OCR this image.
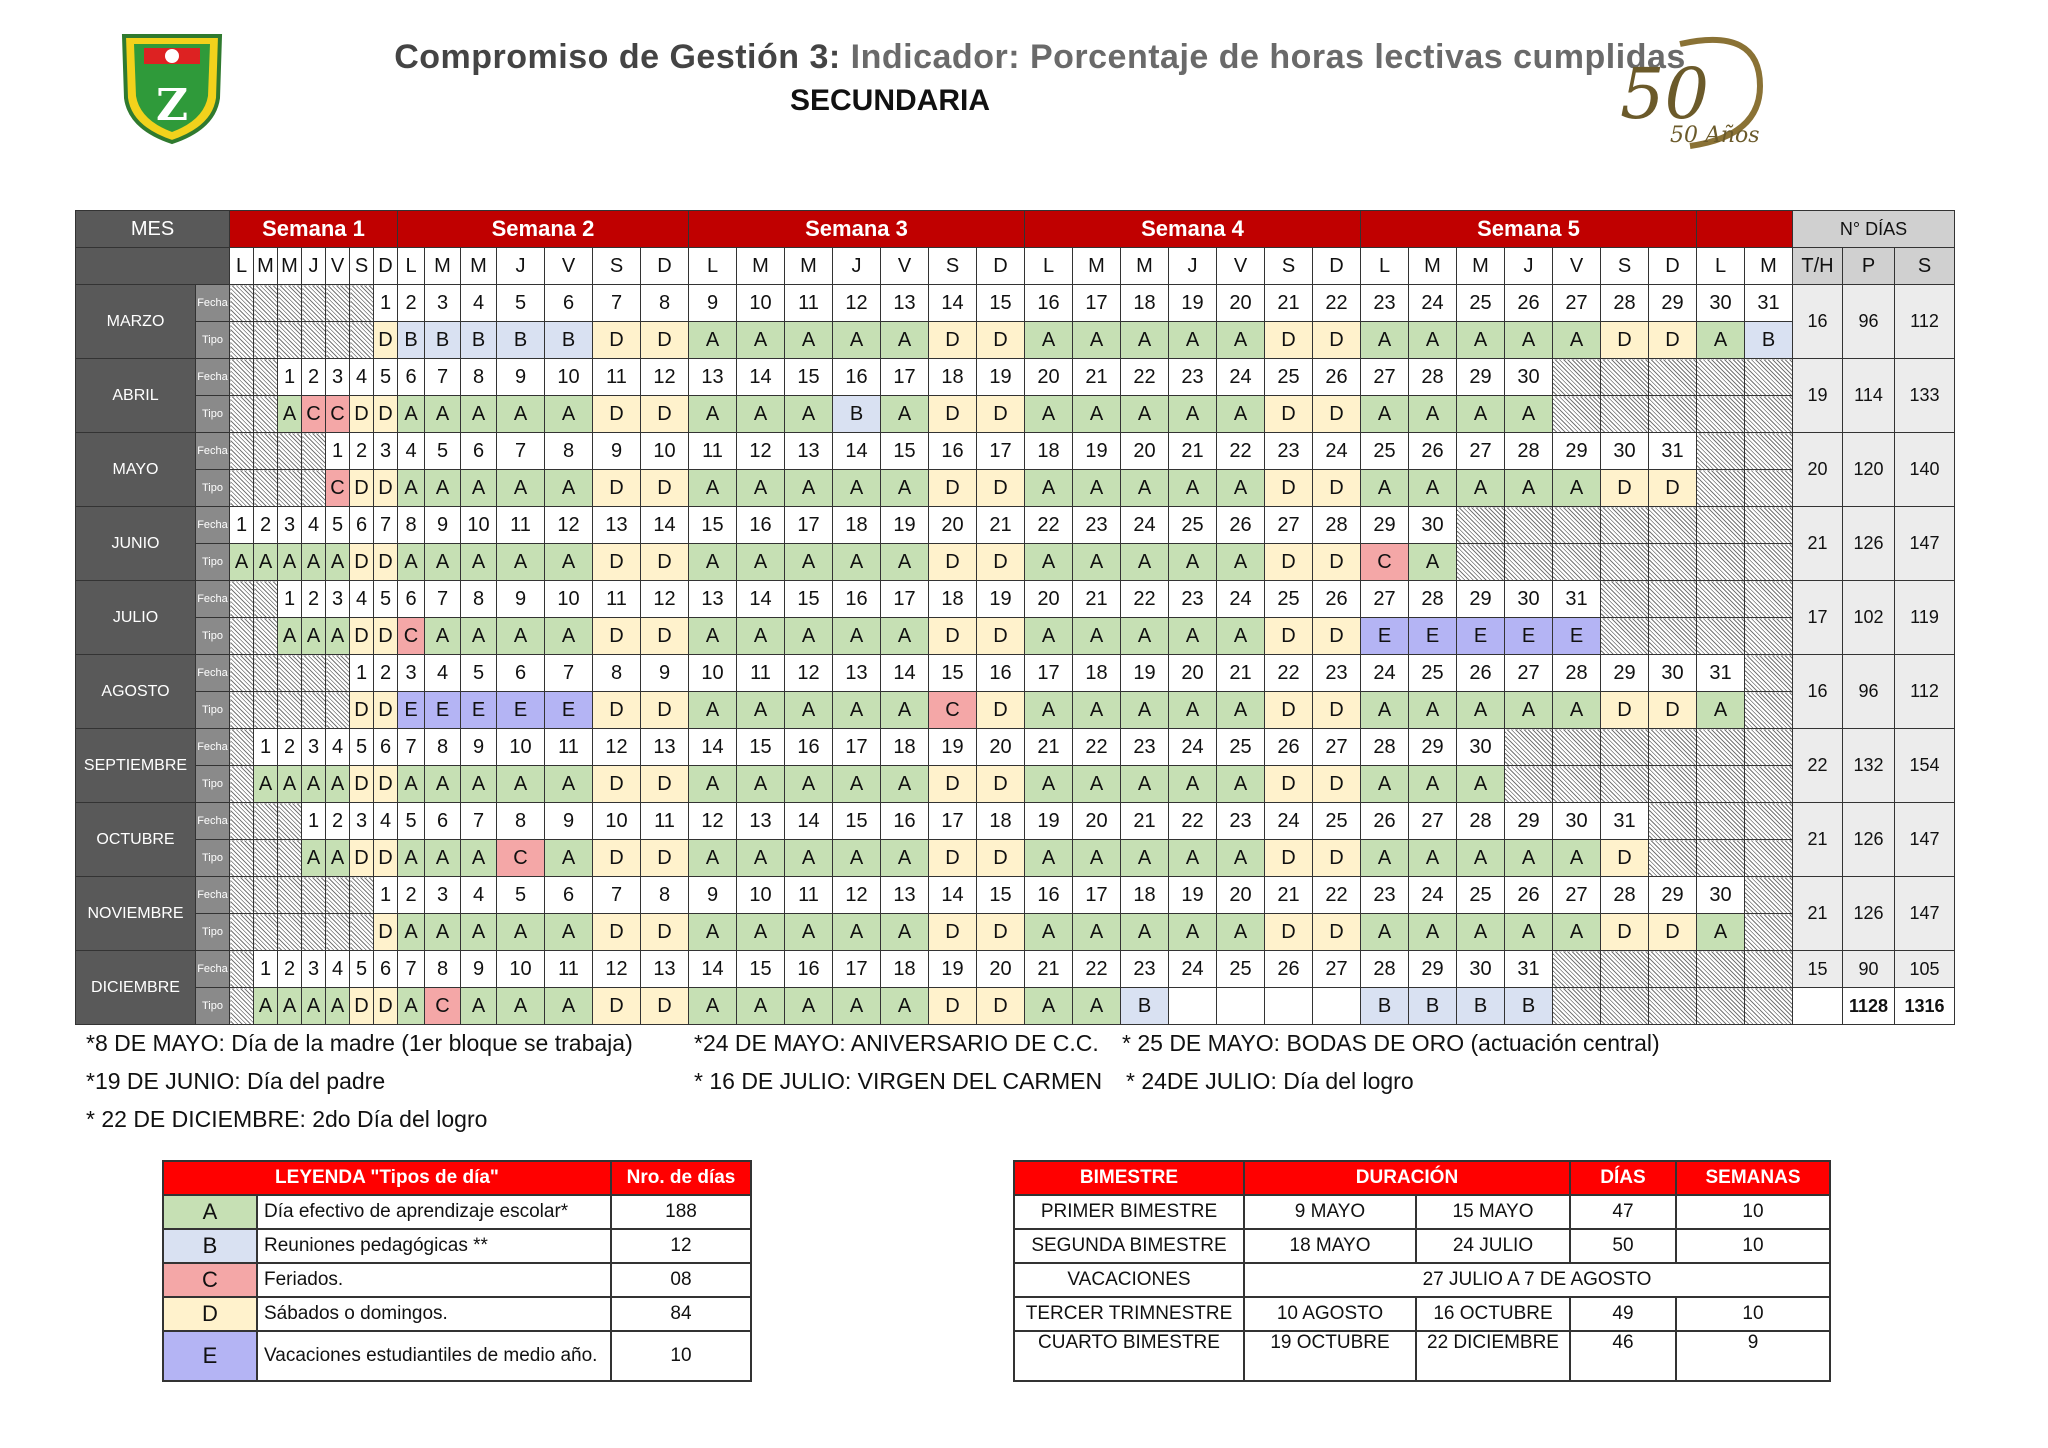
Z
Compromiso de Gestión 3: Indicador: Porcentaje de horas lectivas cumplidas
SECUNDARIA	50
50 Años
MES		Semana 1							Semana 2							Semana 3							Semana 4							Semana 5									N° DÍAS		
		L	M	M	J	V	S	D	L	M	M	J	V	S	D	L	M	M	J	V	S	D	L	M	M	J	V	S	D	L	M	M	J	V	S	D	L	M	T/H	P	S
MARZO	Fecha							1	2	3	4	5	6	7	8	9	10	11	12	13	14	15	16	17	18	19	20	21	22	23	24	25	26	27	28	29	30	31	16	96	112
	Tipo							D	B	B	B	B	B	D	D	A	A	A	A	A	D	D	A	A	A	A	A	D	D	A	A	A	A	A	D	D	A	B			
ABRIL	Fecha			1	2	3	4	5	6	7	8	9	10	11	12	13	14	15	16	17	18	19	20	21	22	23	24	25	26	27	28	29	30						19	114	133
	Tipo			A	C	C	D	D	A	A	A	A	A	D	D	A	A	A	B	A	D	D	A	A	A	A	A	D	D	A	A	A	A								
MAYO	Fecha					1	2	3	4	5	6	7	8	9	10	11	12	13	14	15	16	17	18	19	20	21	22	23	24	25	26	27	28	29	30	31			20	120	140
	Tipo					C	D	D	A	A	A	A	A	D	D	A	A	A	A	A	D	D	A	A	A	A	A	D	D	A	A	A	A	A	D	D					
JUNIO	Fecha	1	2	3	4	5	6	7	8	9	10	11	12	13	14	15	16	17	18	19	20	21	22	23	24	25	26	27	28	29	30								21	126	147
	Tipo	A	A	A	A	A	D	D	A	A	A	A	A	D	D	A	A	A	A	A	D	D	A	A	A	A	A	D	D	C	A										
JULIO	Fecha			1	2	3	4	5	6	7	8	9	10	11	12	13	14	15	16	17	18	19	20	21	22	23	24	25	26	27	28	29	30	31					17	102	119
	Tipo			A	A	A	D	D	C	A	A	A	A	D	D	A	A	A	A	A	D	D	A	A	A	A	A	D	D	E	E	E	E	E							
AGOSTO	Fecha						1	2	3	4	5	6	7	8	9	10	11	12	13	14	15	16	17	18	19	20	21	22	23	24	25	26	27	28	29	30	31		16	96	112
	Tipo						D	D	E	E	E	E	E	D	D	A	A	A	A	A	C	D	A	A	A	A	A	D	D	A	A	A	A	A	D	D	A				
SEPTIEMBRE	Fecha		1	2	3	4	5	6	7	8	9	10	11	12	13	14	15	16	17	18	19	20	21	22	23	24	25	26	27	28	29	30							22	132	154
	Tipo		A	A	A	A	D	D	A	A	A	A	A	D	D	A	A	A	A	A	D	D	A	A	A	A	A	D	D	A	A	A									
OCTUBRE	Fecha				1	2	3	4	5	6	7	8	9	10	11	12	13	14	15	16	17	18	19	20	21	22	23	24	25	26	27	28	29	30	31				21	126	147
	Tipo				A	A	D	D	A	A	A	C	A	D	D	A	A	A	A	A	D	D	A	A	A	A	A	D	D	A	A	A	A	A	D						
NOVIEMBRE	Fecha							1	2	3	4	5	6	7	8	9	10	11	12	13	14	15	16	17	18	19	20	21	22	23	24	25	26	27	28	29	30		21	126	147
	Tipo							D	A	A	A	A	A	D	D	A	A	A	A	A	D	D	A	A	A	A	A	D	D	A	A	A	A	A	D	D	A				
DICIEMBRE	Fecha		1	2	3	4	5	6	7	8	9	10	11	12	13	14	15	16	17	18	19	20	21	22	23	24	25	26	27	28	29	30	31						15	90	105
	Tipo		A	A	A	A	D	D	A	C	A	A	A	D	D	A	A	A	A	A	D	D	A	A	B					B	B	B	B							1128	1316
*8 DE MAYO: Día de la madre (1er bloque se trabaja)	*24 DE MAYO: ANIVERSARIO DE C.C. * 25 DE MAYO: BODAS DE ORO (actuación central)
*19 DE JUNIO: Día del padre	* 16 DE JULIO: VIRGEN DEL CARMEN * 24DE JULIO: Día del logro
* 22 DE DICIEMBRE: 2do Día del logro
LEYENDA "Tipos de día"		Nro. de días
A	Día efectivo de aprendizaje escolar*	188
B	Reuniones pedagógicas **	12
C	Feriados.	08
D	Sábados o domingos.	84
E	Vacaciones estudiantiles de medio año.	10
BIMESTRE	DURACIÓN		DÍAS	SEMANAS
PRIMER BIMESTRE	9 MAYO	15 MAYO	47	10
SEGUNDA BIMESTRE	18 MAYO	24 JULIO	50	10
VACACIONES	27 JULIO A 7 DE AGOSTO			
TERCER TRIMNESTRE	10 AGOSTO	16 OCTUBRE	49	10
CUARTO BIMESTRE	19 OCTUBRE	22 DICIEMBRE	46	9
